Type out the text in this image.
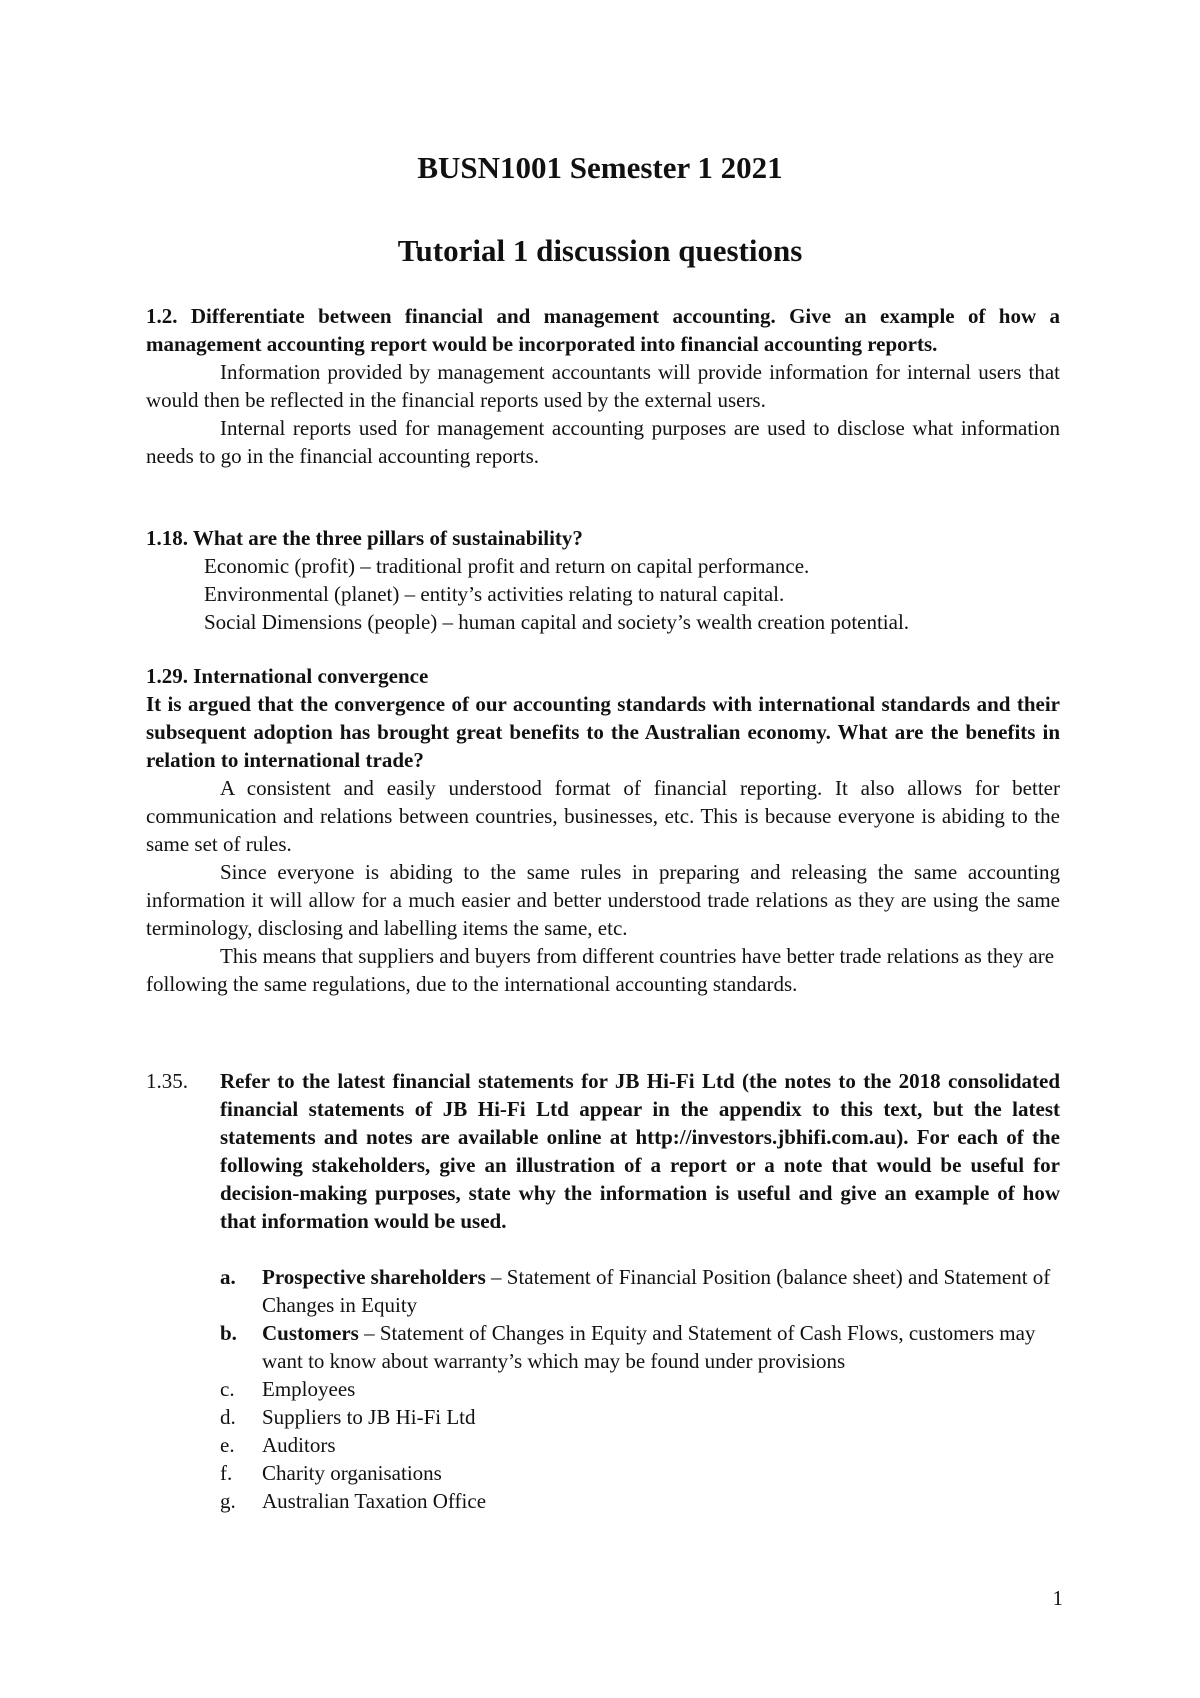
BUSN1001 Semester 1 2021
Tutorial 1 discussion questions

1.2. Differentiate between financial and management accounting. Give an example of how a management accounting report would be incorporated into financial accounting reports.

Information provided by management accountants will provide information for internal users that would then be reflected in the financial reports used by the external users.

Internal reports used for management accounting purposes are used to disclose what information needs to go in the financial accounting reports.

1.18. What are the three pillars of sustainability?

Economic (profit) – traditional profit and return on capital performance.

Environmental (planet) – entity’s activities relating to natural capital.

Social Dimensions (people) – human capital and society’s wealth creation potential.

1.29. International convergence

It is argued that the convergence of our accounting standards with international standards and their subsequent adoption has brought great benefits to the Australian economy. What are the benefits in relation to international trade?

A consistent and easily understood format of financial reporting. It also allows for better communication and relations between countries, businesses, etc. This is because everyone is abiding to the same set of rules.

Since everyone is abiding to the same rules in preparing and releasing the same accounting information it will allow for a much easier and better understood trade relations as they are using the same terminology, disclosing and labelling items the same, etc.

This means that suppliers and buyers from different countries have better trade relations as they are following the same regulations, due to the international accounting standards.

1.35. Refer to the latest financial statements for JB Hi-Fi Ltd (the notes to the 2018 consolidated financial statements of JB Hi-Fi Ltd appear in the appendix to this text, but the latest statements and notes are available online at http://investors.jbhifi.com.au). For each of the following stakeholders, give an illustration of a report or a note that would be useful for decision-making purposes, state why the information is useful and give an example of how that information would be used.
a. Prospective shareholders – Statement of Financial Position (balance sheet) and Statement of Changes in Equity
b. Customers – Statement of Changes in Equity and Statement of Cash Flows, customers may want to know about warranty’s which may be found under provisions
c. Employees
d. Suppliers to JB Hi-Fi Ltd
e. Auditors
f. Charity organisations
g. Australian Taxation Office
1
